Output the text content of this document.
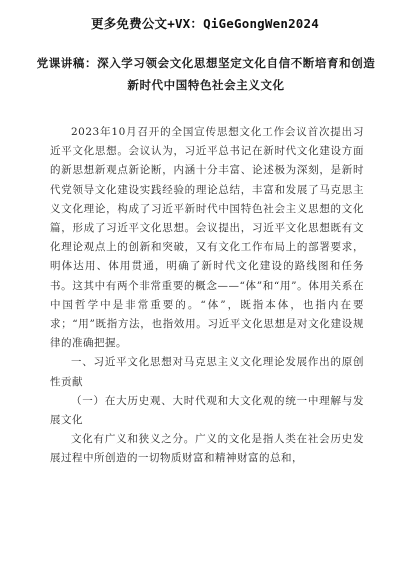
更多免费公文+VX：QiGeGongWen2024
党课讲稿：深入学习领会文化思想坚定文化自信不断培育和创造新时代中国特色社会主义文化

2023年10月召开的全国宣传思想文化工作会议首次提出习近平文化思想。会议认为，习近平总书记在新时代文化建设方面的新思想新观点新论断，内涵十分丰富、论述极为深刻，是新时代党领导文化建设实践经验的理论总结，丰富和发展了马克思主义文化理论，构成了习近平新时代中国特色社会主义思想的文化篇，形成了习近平文化思想。会议提出，习近平文化思想既有文化理论观点上的创新和突破，又有文化工作布局上的部署要求，明体达用、体用贯通，明确了新时代文化建设的路线图和任务书。这其中有两个非常重要的概念——“体”和“用”。体用关系在中国哲学中是非常重要的。“体”，既指本体，也指内在要求；“用”既指方法，也指效用。习近平文化思想是对文化建设规律的准确把握。

一、习近平文化思想对马克思主义文化理论发展作出的原创性贡献

（一）在大历史观、大时代观和大文化观的统一中理解与发展文化

文化有广义和狭义之分。广义的文化是指人类在社会历史发展过程中所创造的一切物质财富和精神财富的总和，
